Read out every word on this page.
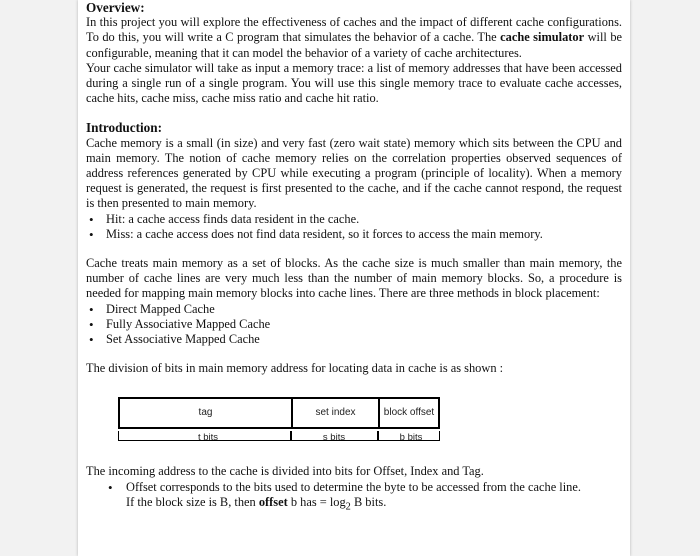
Overview:

In this project you will explore the effectiveness of caches and the impact of different cache configurations. To do this, you will write a C program that simulates the behavior of a cache. The cache simulator will be configurable, meaning that it can model the behavior of a variety of cache architectures.

Your cache simulator will take as input a memory trace: a list of memory addresses that have been accessed during a single run of a single program. You will use this single memory trace to evaluate cache accesses, cache hits, cache miss, cache miss ratio and cache hit ratio.

Introduction:

Cache memory is a small (in size) and very fast (zero wait state) memory which sits between the CPU and main memory. The notion of cache memory relies on the correlation properties observed sequences of address references generated by CPU while executing a program (principle of locality). When a memory request is generated, the request is first presented to the cache, and if the cache cannot respond, the request is then presented to main memory.

• Hit: a cache access finds data resident in the cache.
• Miss: a cache access does not find data resident, so it forces to access the main memory.

Cache treats main memory as a set of blocks. As the cache size is much smaller than main memory, the number of cache lines are very much less than the number of main memory blocks. So, a procedure is needed for mapping main memory blocks into cache lines. There are three methods in block placement:

• Direct Mapped Cache
• Fully Associative Mapped Cache
• Set Associative Mapped Cache

The division of bits in main memory address for locating data in cache is as shown :

tag	set index	block offset
t bits	s bits	b bits

The incoming address to the cache is divided into bits for Offset, Index and Tag.

• Offset corresponds to the bits used to determine the byte to be accessed from the cache line.
If the block size is B, then offset b has = $\log_2 B$ bits.
